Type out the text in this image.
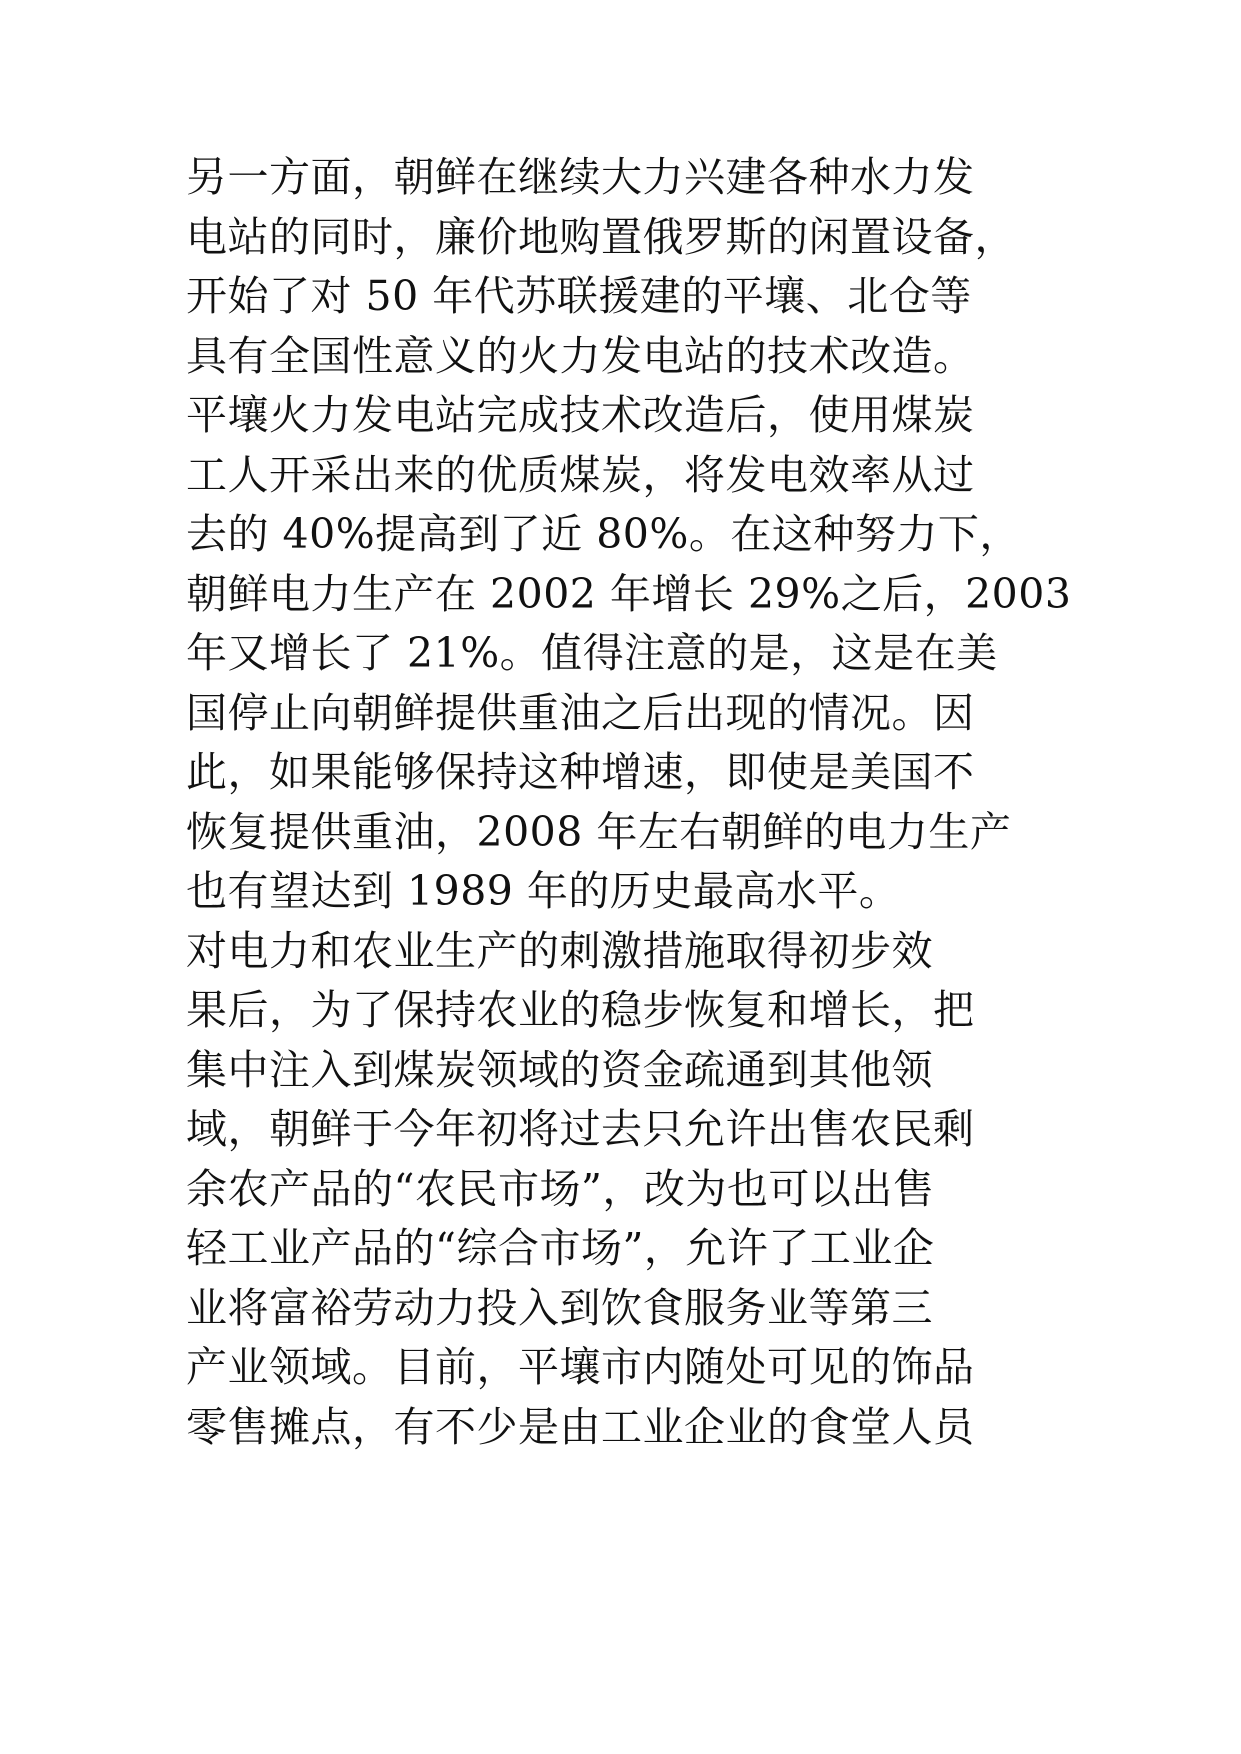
另一方面，朝鲜在继续大力兴建各种水力发
电站的同时，廉价地购置俄罗斯的闲置设备，
开始了对 50 年代苏联援建的平壤、北仓等
具有全国性意义的火力发电站的技术改造。
平壤火力发电站完成技术改造后，使用煤炭
工人开采出来的优质煤炭，将发电效率从过
去的 40%提高到了近 80%。在这种努力下，
朝鲜电力生产在 2002 年增长 29%之后，2003
年又增长了 21%。值得注意的是，这是在美
国停止向朝鲜提供重油之后出现的情况。因
此，如果能够保持这种增速，即使是美国不
恢复提供重油，2008 年左右朝鲜的电力生产
也有望达到 1989 年的历史最高水平。
对电力和农业生产的刺激措施取得初步效
果后，为了保持农业的稳步恢复和增长，把
集中注入到煤炭领域的资金疏通到其他领
域，朝鲜于今年初将过去只允许出售农民剩
余农产品的“农民市场”，改为也可以出售
轻工业产品的“综合市场”，允许了工业企
业将富裕劳动力投入到饮食服务业等第三
产业领域。目前，平壤市内随处可见的饰品
零售摊点，有不少是由工业企业的食堂人员
